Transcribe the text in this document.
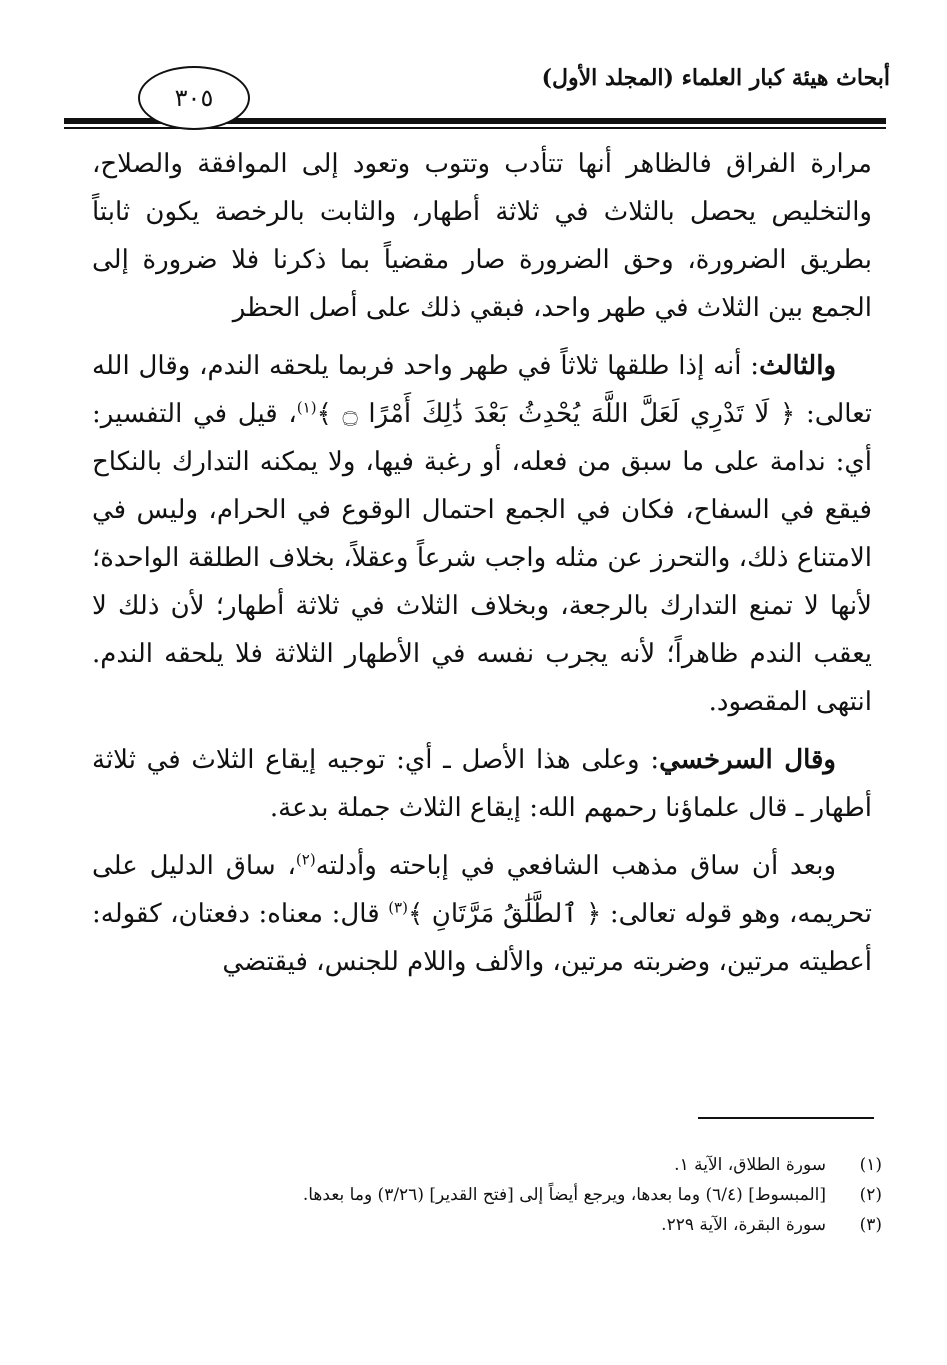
أبحاث هيئة كبار العلماء (المجلد الأول)
٣٠٥

مرارة الفراق فالظاهر أنها تتأدب وتتوب وتعود إلى الموافقة والصلاح، والتخليص يحصل بالثلاث في ثلاثة أطهار، والثابت بالرخصة يكون ثابتاً بطريق الضرورة، وحق الضرورة صار مقضياً بما ذكرنا فلا ضرورة إلى الجمع بين الثلاث في طهر واحد، فبقي ذلك على أصل الحظر

والثالث: أنه إذا طلقها ثلاثاً في طهر واحد فربما يلحقه الندم، وقال الله تعالى: ﴿ لَا تَدْرِي لَعَلَّ اللَّهَ يُحْدِثُ بَعْدَ ذَٰلِكَ أَمْرًا ۝ ﴾$^{(١)}$، قيل في التفسير: أي: ندامة على ما سبق من فعله، أو رغبة فيها، ولا يمكنه التدارك بالنكاح فيقع في السفاح، فكان في الجمع احتمال الوقوع في الحرام، وليس في الامتناع ذلك، والتحرز عن مثله واجب شرعاً وعقلاً، بخلاف الطلقة الواحدة؛ لأنها لا تمنع التدارك بالرجعة، وبخلاف الثلاث في ثلاثة أطهار؛ لأن ذلك لا يعقب الندم ظاهراً؛ لأنه يجرب نفسه في الأطهار الثلاثة فلا يلحقه الندم. انتهى المقصود.

وقال السرخسي: وعلى هذا الأصل ـ أي: توجيه إيقاع الثلاث في ثلاثة أطهار ـ قال علماؤنا رحمهم الله: إيقاع الثلاث جملة بدعة.

وبعد أن ساق مذهب الشافعي في إباحته وأدلته$^{(٢)}$، ساق الدليل على تحريمه، وهو قوله تعالى: ﴿ ٱلطَّلَٰقُ مَرَّتَانِ ﴾$^{(٣)}$ قال: معناه: دفعتان، كقوله: أعطيته مرتين، وضربته مرتين، والألف واللام للجنس، فيقتضي

(١)
سورة الطلاق، الآية ١.
(٢)
[المبسوط] (٦/٤) وما بعدها، ويرجع أيضاً إلى [فتح القدير] (٣/٢٦) وما بعدها.
(٣)
سورة البقرة، الآية ٢٢٩.
